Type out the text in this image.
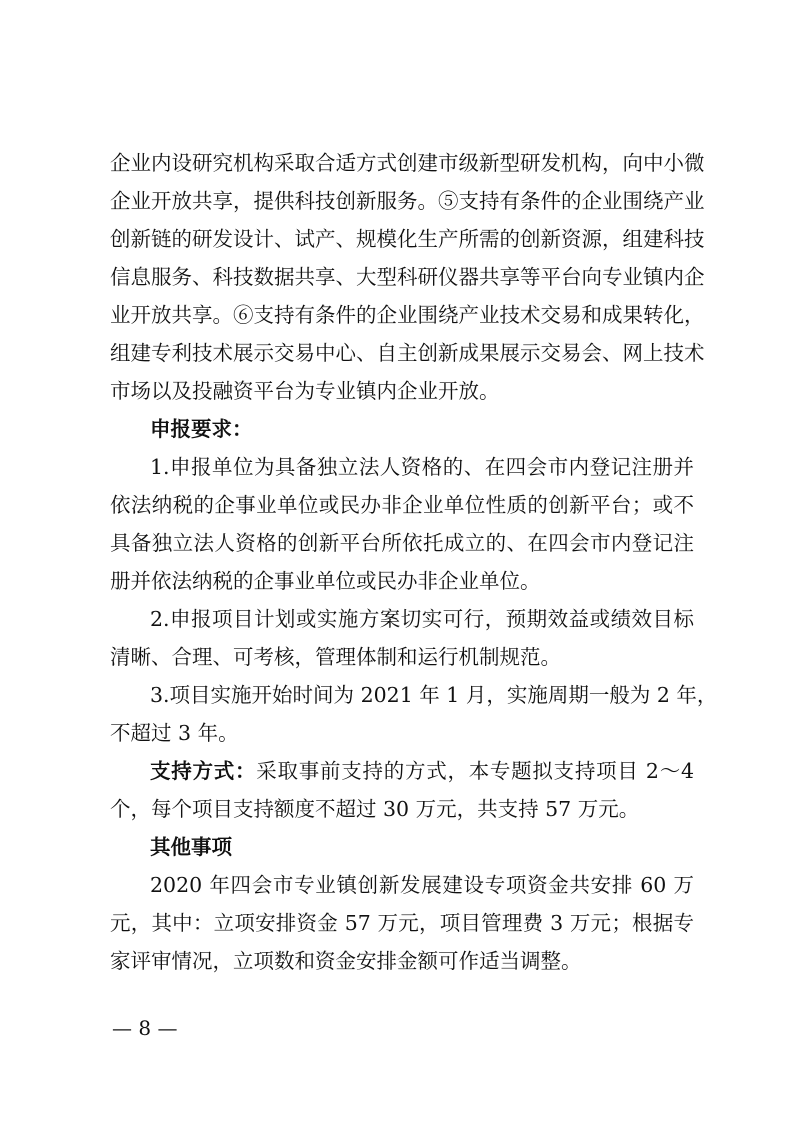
企业内设研究机构采取合适方式创建市级新型研发机构，向中小微
企业开放共享，提供科技创新服务。⑤支持有条件的企业围绕产业
创新链的研发设计、试产、规模化生产所需的创新资源，组建科技
信息服务、科技数据共享、大型科研仪器共享等平台向专业镇内企
业开放共享。⑥支持有条件的企业围绕产业技术交易和成果转化，
组建专利技术展示交易中心、自主创新成果展示交易会、网上技术
市场以及投融资平台为专业镇内企业开放。
申报要求：
1.申报单位为具备独立法人资格的、在四会市内登记注册并
依法纳税的企事业单位或民办非企业单位性质的创新平台；或不
具备独立法人资格的创新平台所依托成立的、在四会市内登记注
册并依法纳税的企事业单位或民办非企业单位。
2.申报项目计划或实施方案切实可行，预期效益或绩效目标
清晰、合理、可考核，管理体制和运行机制规范。
3.项目实施开始时间为 2021 年 1 月，实施周期一般为 2 年，
不超过 3 年。
支持方式：采取事前支持的方式，本专题拟支持项目 2～4
个，每个项目支持额度不超过 30 万元，共支持 57 万元。
其他事项
2020 年四会市专业镇创新发展建设专项资金共安排 60 万
元，其中：立项安排资金 57 万元，项目管理费 3 万元；根据专
家评审情况，立项数和资金安排金额可作适当调整。
— 8 —
